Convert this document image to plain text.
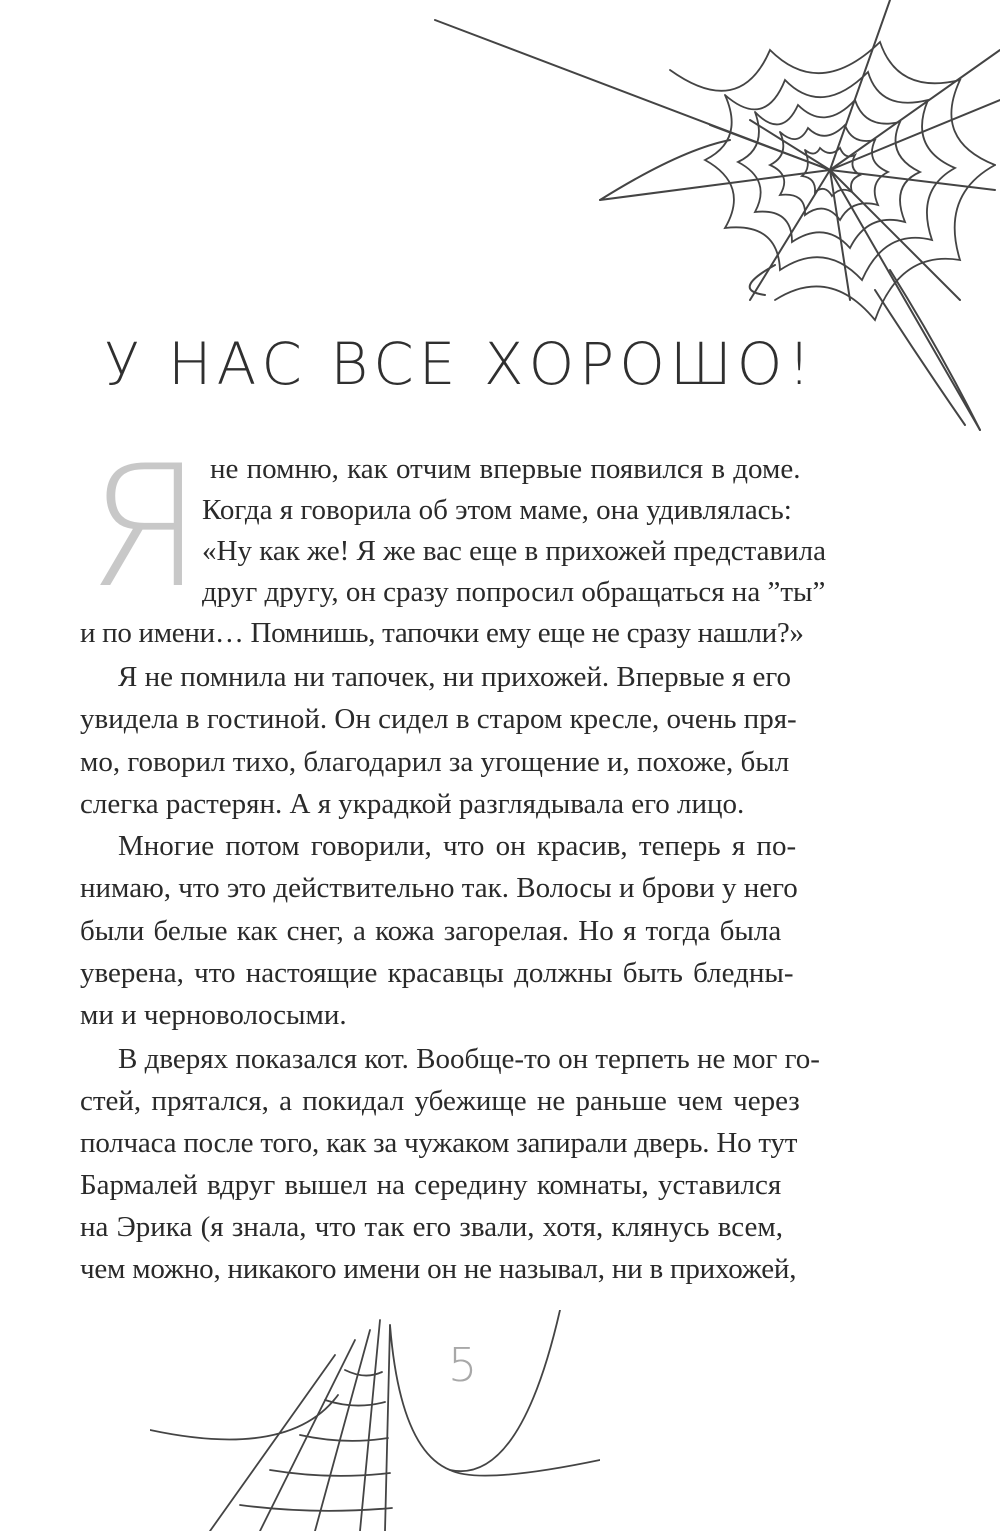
У НАС ВСЕ ХОРОШО!
Я не помню, как отчим впервые появился в доме.
Когда я говорила об этом маме, она удивлялась:
«Ну как же! Я же вас еще в прихожей представила
друг другу, он сразу попросил обращаться на ”ты”
и по имени… Помнишь, тапочки ему еще не сразу нашли?»
Я не помнила ни тапочек, ни прихожей. Впервые я его
увидела в гостиной. Он сидел в старом кресле, очень пря-
мо, говорил тихо, благодарил за угощение и, похоже, был
слегка растерян. А я украдкой разглядывала его лицо.
Многие потом говорили, что он красив, теперь я по-
нимаю, что это действительно так. Волосы и брови у него
были белые как снег, а кожа загорелая. Но я тогда была
уверена, что настоящие красавцы должны быть бледны-
ми и черноволосыми.
В дверях показался кот. Вообще-то он терпеть не мог го-
стей, прятался, а покидал убежище не раньше чем через
полчаса после того, как за чужаком запирали дверь. Но тут
Бармалей вдруг вышел на середину комнаты, уставился
на Эрика (я знала, что так его звали, хотя, клянусь всем,
чем можно, никакого имени он не называл, ни в прихожей,
5
